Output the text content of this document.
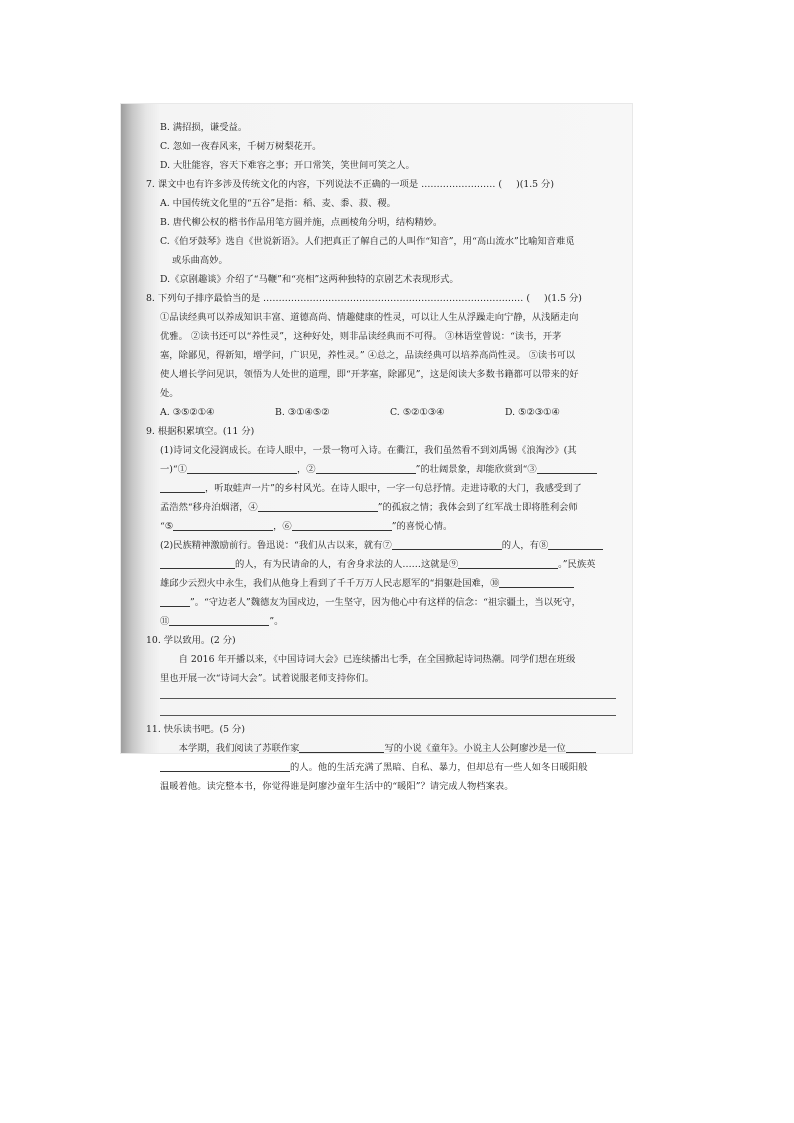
B. 满招损，谦受益。

C. 忽如一夜春风来，千树万树梨花开。

D. 大肚能容，容天下难容之事；开口常笑，笑世间可笑之人。

7. 课文中也有许多涉及传统文化的内容，下列说法不正确的一项是 …………………… ( )(1.5 分)

A. 中国传统文化里的“五谷”是指：稻、麦、黍、菽、稷。

B. 唐代柳公权的楷书作品用笔方圆并施，点画棱角分明，结构精妙。

C.《伯牙鼓琴》选自《世说新语》。人们把真正了解自己的人叫作“知音”，用“高山流水”比喻知音难觅

或乐曲高妙。

D.《京剧趣谈》介绍了“马鞭”和“亮相”这两种独特的京剧艺术表现形式。

8. 下列句子排序最恰当的是 ………………………………………………………………………… ( )(1.5 分)

①品读经典可以养成知识丰富、道德高尚、情趣健康的性灵，可以让人生从浮躁走向宁静，从浅陋走向

优雅。 ②读书还可以“养性灵”，这种好处，则非品读经典而不可得。 ③林语堂曾说：“读书，开茅

塞，除鄙见，得新知，增学问，广识见，养性灵。” ④总之，品读经典可以培养高尚性灵。 ⑤读书可以

使人增长学问见识，领悟为人处世的道理，即“开茅塞，除鄙见”，这是阅读大多数书籍都可以带来的好

处。

A. ③⑤②①④	B. ③①④⑤②	C. ⑤②①③④	D. ⑤②③①④

9. 根据积累填空。(11 分)

(1)诗词文化浸润成长。在诗人眼中，一景一物可入诗。在衢江，我们虽然看不到刘禹锡《浪淘沙》(其

一)“①	，②	”的壮阔景象，却能欣赏到“③

，听取蛙声一片”的乡村风光。在诗人眼中，一字一句总抒情。走进诗歌的大门，我感受到了

孟浩然“移舟泊烟渚，④	”的孤寂之情；我体会到了红军战士即将胜利会师

“⑤	，⑥	”的喜悦心情。

(2)民族精神激励前行。鲁迅说：“我们从古以来，就有⑦	的人，有⑧

的人，有为民请命的人，有舍身求法的人……这就是⑨	。”民族英

雄邱少云烈火中永生，我们从他身上看到了千千万万人民志愿军的“捐躯赴国难，⑩

”。“守边老人”魏德友为国戍边，一生坚守，因为他心中有这样的信念：“祖宗疆土，当以死守，

⑪	”。

10. 学以致用。(2 分)

自 2016 年开播以来，《中国诗词大会》已连续播出七季，在全国掀起诗词热潮。同学们想在班级

里也开展一次“诗词大会”。试着说服老师支持你们。

11. 快乐读书吧。(5 分)

本学期，我们阅读了苏联作家	写的小说《童年》。小说主人公阿廖沙是一位

的人。他的生活充满了黑暗、自私、暴力，但却总有一些人如冬日暖阳般

温暖着他。读完整本书，你觉得谁是阿廖沙童年生活中的“暖阳”？请完成人物档案表。
